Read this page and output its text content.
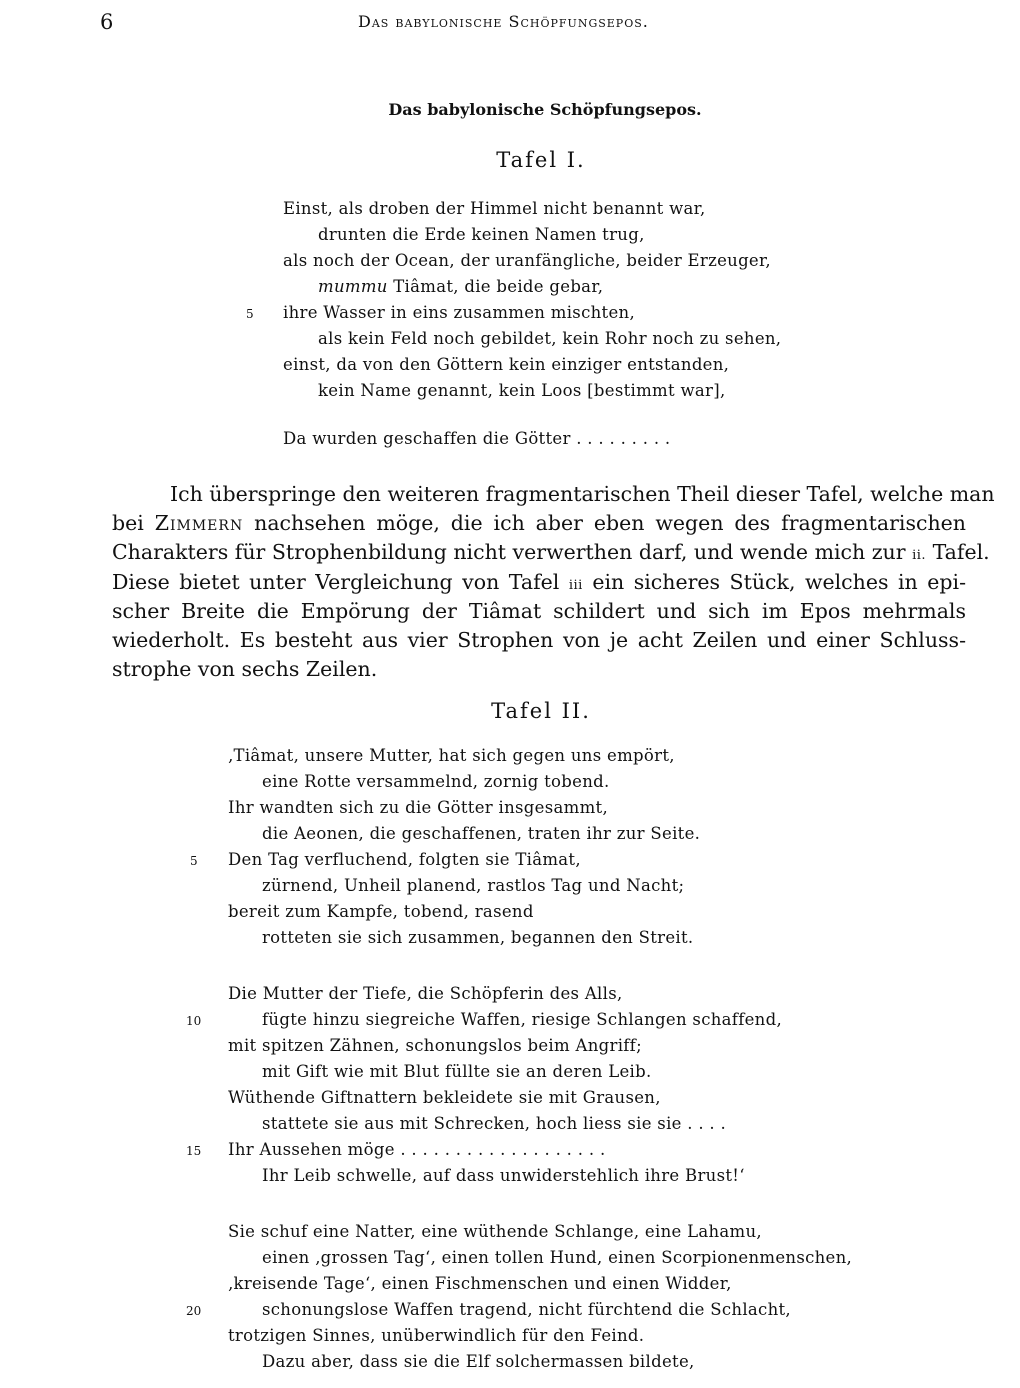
6	Das babylonische Schöpfungsepos.
Das babylonische Schöpfungsepos.
Tafel I.
Einst, als droben der Himmel nicht benannt war,
drunten die Erde keinen Namen trug,
als noch der Ocean, der uranfängliche, beider Erzeuger,
mummu Tiâmat, die beide gebar,
5 ihre Wasser in eins zusammen mischten,
als kein Feld noch gebildet, kein Rohr noch zu sehen,
einst, da von den Göttern kein einziger entstanden,
kein Name genannt, kein Loos [bestimmt war],
Da wurden geschaffen die Götter . . . . . . . . .
Ich überspringe den weiteren fragmentarischen Theil dieser Tafel, welche man
bei Zimmern nachsehen möge, die ich aber eben wegen des fragmentarischen
Charakters für Strophenbildung nicht verwerthen darf, und wende mich zur ii. Tafel.
Diese bietet unter Vergleichung von Tafel iii ein sicheres Stück, welches in epi-
scher Breite die Empörung der Tiâmat schildert und sich im Epos mehrmals
wiederholt. Es besteht aus vier Strophen von je acht Zeilen und einer Schluss-
strophe von sechs Zeilen.
Tafel II.
‚Tiâmat, unsere Mutter, hat sich gegen uns empört,
eine Rotte versammelnd, zornig tobend.
Ihr wandten sich zu die Götter insgesammt,
die Aeonen, die geschaffenen, traten ihr zur Seite.
5 Den Tag verfluchend, folgten sie Tiâmat,
zürnend, Unheil planend, rastlos Tag und Nacht;
bereit zum Kampfe, tobend, rasend
rotteten sie sich zusammen, begannen den Streit.
Die Mutter der Tiefe, die Schöpferin des Alls,
10	fügte hinzu siegreiche Waffen, riesige Schlangen schaffend,
mit spitzen Zähnen, schonungslos beim Angriff;
mit Gift wie mit Blut füllte sie an deren Leib.
Wüthende Giftnattern bekleidete sie mit Grausen,
stattete sie aus mit Schrecken, hoch liess sie sie . . . .
15 Ihr Aussehen möge . . . . . . . . . . . . . . . . . . .
Ihr Leib schwelle, auf dass unwiderstehlich ihre Brust!‘
Sie schuf eine Natter, eine wüthende Schlange, eine Lahamu,
einen ‚grossen Tag‘, einen tollen Hund, einen Scorpionenmenschen,
‚kreisende Tage‘, einen Fischmenschen und einen Widder,
20	schonungslose Waffen tragend, nicht fürchtend die Schlacht,
trotzigen Sinnes, unüberwindlich für den Feind.
Dazu aber, dass sie die Elf solchermassen bildete,
